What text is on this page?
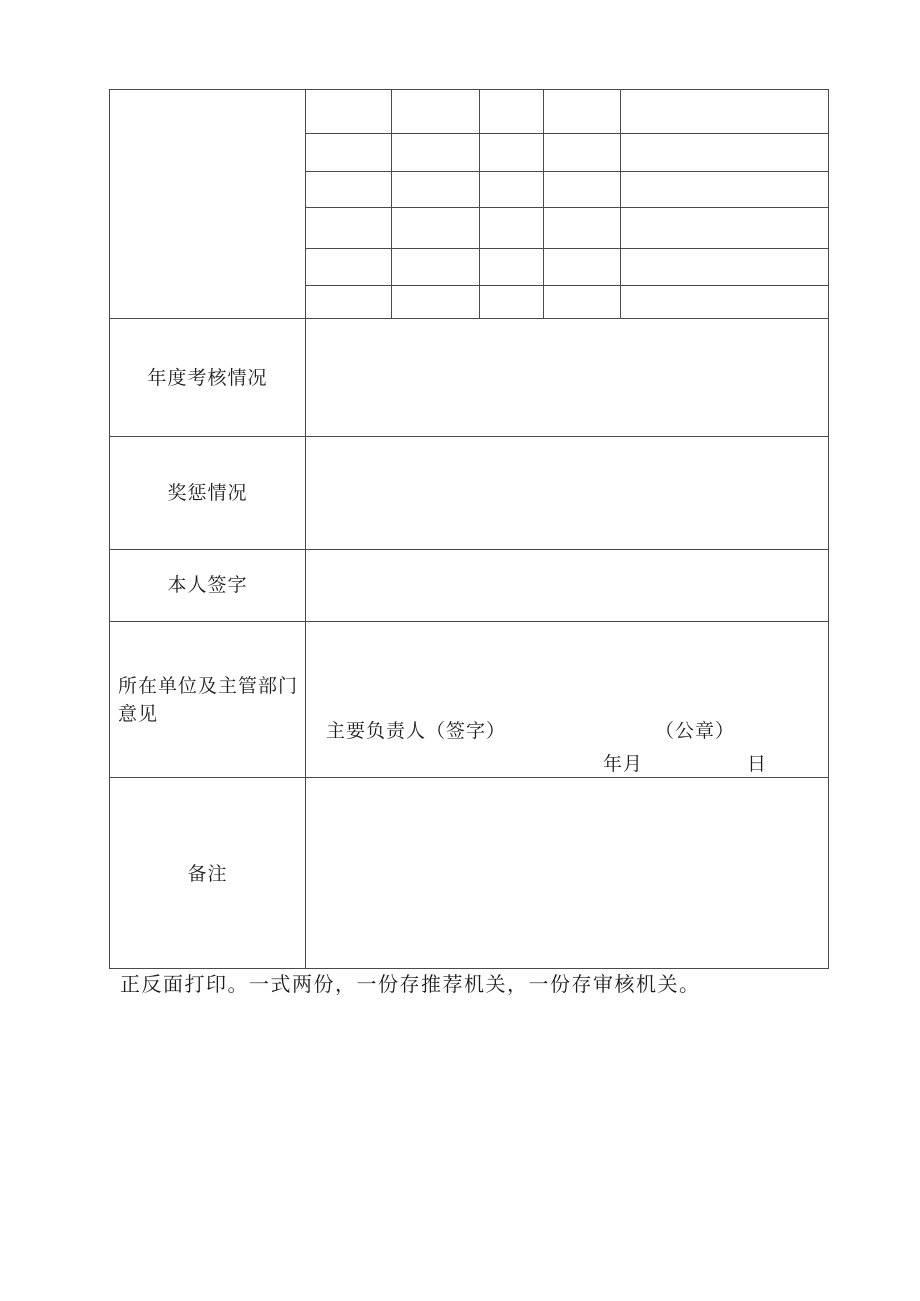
年度考核情况
奖惩情况
本人签字
所在单位及主管部门意见
备注
主要负责人（签字）	（公章）
年月	日
正反面打印。一式两份，一份存推荐机关，一份存审核机关。
